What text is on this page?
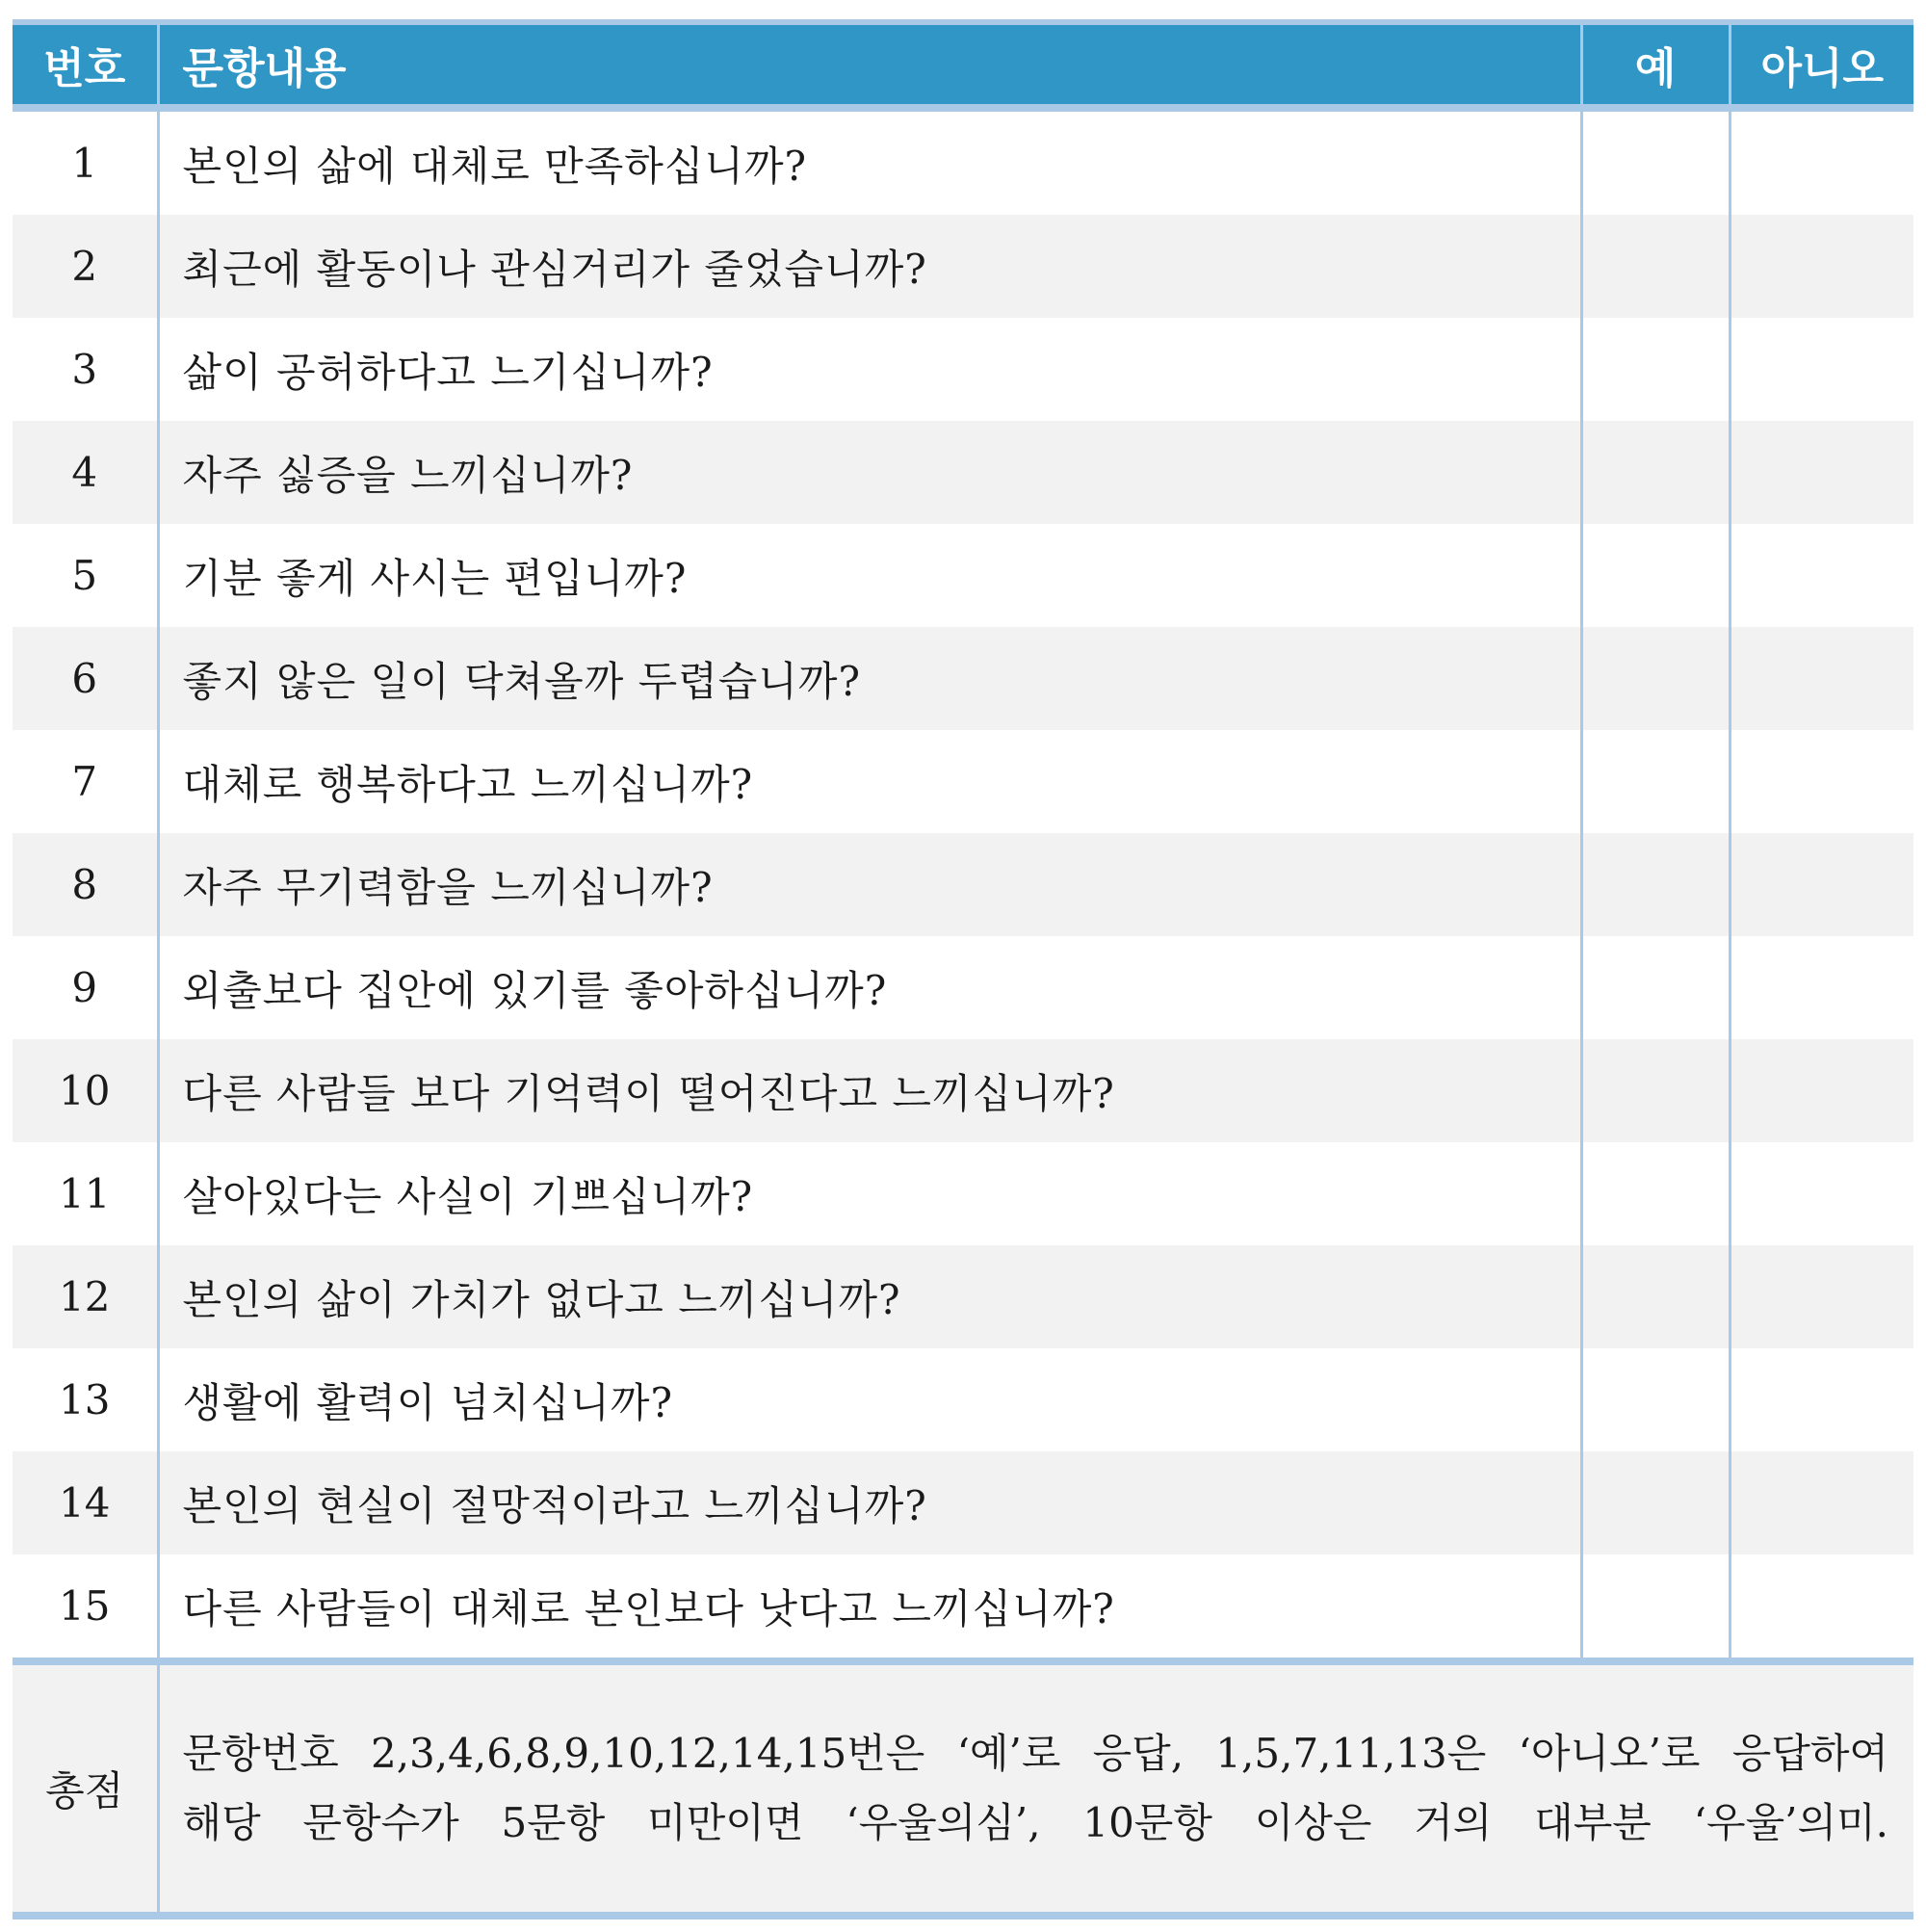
번호	문항내용	예	아니오
1	본인의 삶에 대체로 만족하십니까?		
2	최근에 활동이나 관심거리가 줄었습니까?		
3	삶이 공허하다고 느기십니까?		
4	자주 싫증을 느끼십니까?		
5	기분 좋게 사시는 편입니까?		
6	좋지 않은 일이 닥쳐올까 두렵습니까?		
7	대체로 행복하다고 느끼십니까?		
8	자주 무기력함을 느끼십니까?		
9	외출보다 집안에 있기를 좋아하십니까?		
10	다른 사람들 보다 기억력이 떨어진다고 느끼십니까?		
11	살아있다는 사실이 기쁘십니까?		
12	본인의 삶이 가치가 없다고 느끼십니까?		
13	생활에 활력이 넘치십니까?		
14	본인의 현실이 절망적이라고 느끼십니까?		
15	다른 사람들이 대체로 본인보다 낫다고 느끼십니까?		
총점	문항번호 2,3,4,6,8,9,10,12,14,15번은 ‘예’로 응답, 1,5,7,11,13은 ‘아니오’로 응답하여
해당 문항수가 5문항 미만이면 ‘우울의심’, 10문항 이상은 거의 대부분 ‘우울’의미.		
